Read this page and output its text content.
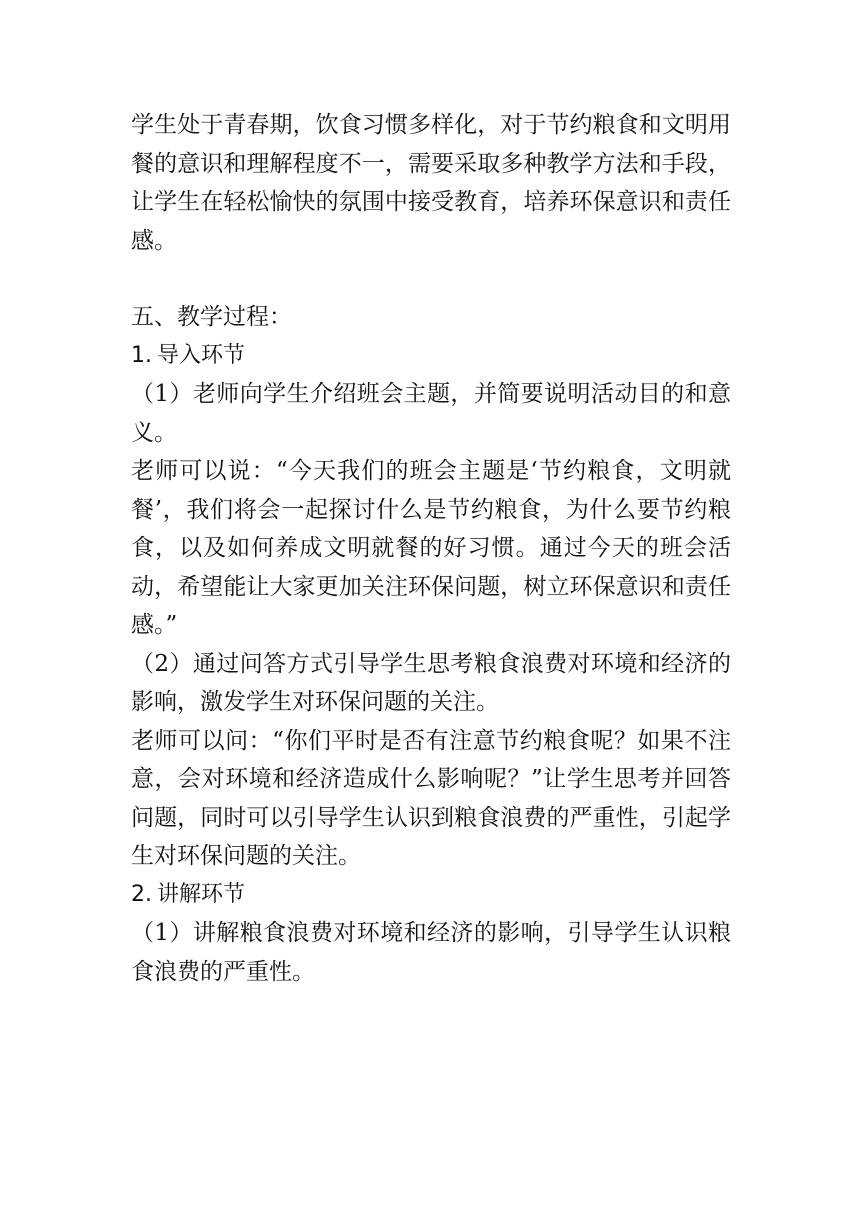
学生处于青春期，饮食习惯多样化，对于节约粮食和文明用餐的意识和理解程度不一，需要采取多种教学方法和手段，让学生在轻松愉快的氛围中接受教育，培养环保意识和责任感。

五、教学过程：

1. 导入环节

（1）老师向学生介绍班会主题，并简要说明活动目的和意义。

老师可以说：“今天我们的班会主题是‘节约粮食，文明就餐’，我们将会一起探讨什么是节约粮食，为什么要节约粮食，以及如何养成文明就餐的好习惯。通过今天的班会活动，希望能让大家更加关注环保问题，树立环保意识和责任感。”

（2）通过问答方式引导学生思考粮食浪费对环境和经济的影响，激发学生对环保问题的关注。

老师可以问：“你们平时是否有注意节约粮食呢？如果不注意，会对环境和经济造成什么影响呢？”让学生思考并回答问题，同时可以引导学生认识到粮食浪费的严重性，引起学生对环保问题的关注。

2. 讲解环节

（1）讲解粮食浪费对环境和经济的影响，引导学生认识粮食浪费的严重性。
